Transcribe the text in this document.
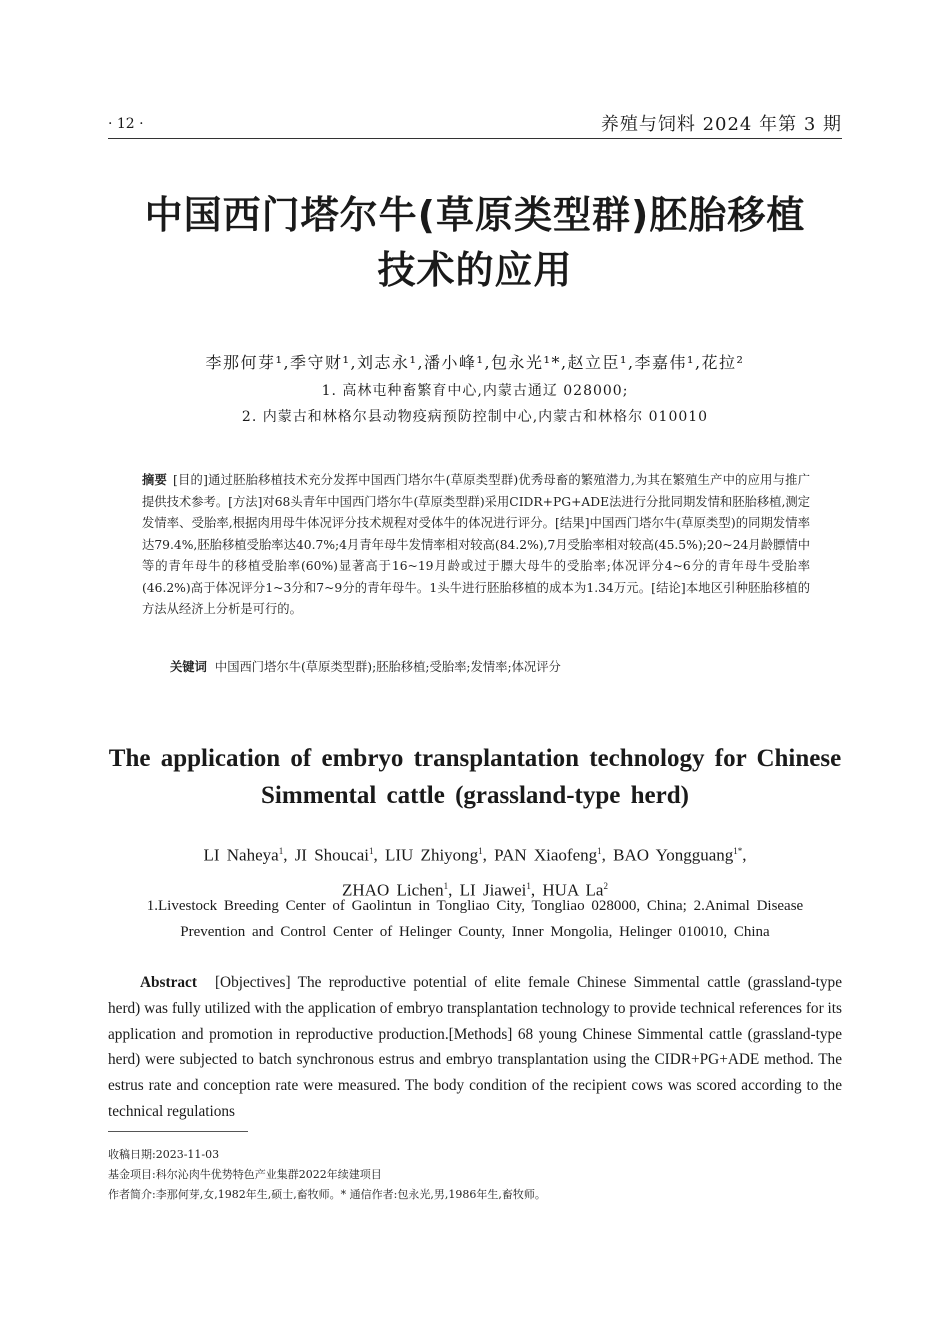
· 12 ·	养殖与饲料 2024 年第 3 期
中国西门塔尔牛(草原类型群)胚胎移植
技术的应用
李那何芽¹,季守财¹,刘志永¹,潘小峰¹,包永光¹*,赵立臣¹,李嘉伟¹,花拉²
1. 高林屯种畜繁育中心,内蒙古通辽 028000;
2. 内蒙古和林格尔县动物疫病预防控制中心,内蒙古和林格尔 010010
摘要 [目的]通过胚胎移植技术充分发挥中国西门塔尔牛(草原类型群)优秀母畜的繁殖潜力,为其在繁殖生产中的应用与推广提供技术参考。[方法]对68头青年中国西门塔尔牛(草原类型群)采用CIDR+PG+ADE法进行分批同期发情和胚胎移植,测定发情率、受胎率,根据肉用母牛体况评分技术规程对受体牛的体况进行评分。[结果]中国西门塔尔牛(草原类型)的同期发情率达79.4%,胚胎移植受胎率达40.7%;4月青年母牛发情率相对较高(84.2%),7月受胎率相对较高(45.5%);20~24月龄膘情中等的青年母牛的移植受胎率(60%)显著高于16~19月龄或过于膘大母牛的受胎率;体况评分4~6分的青年母牛受胎率(46.2%)高于体况评分1~3分和7~9分的青年母牛。1头牛进行胚胎移植的成本为1.34万元。[结论]本地区引种胚胎移植的方法从经济上分析是可行的。
关键词 中国西门塔尔牛(草原类型群);胚胎移植;受胎率;发情率;体况评分
The application of embryo transplantation technology for Chinese
Simmental cattle (grassland-type herd)
LI Naheya$^1$, JI Shoucai$^1$, LIU Zhiyong$^1$, PAN Xiaofeng$^1$, BAO Yongguang$^{1*}$,
ZHAO Lichen$^1$, LI Jiawei$^1$, HUA La$^2$
1.Livestock Breeding Center of Gaolintun in Tongliao City, Tongliao 028000, China; 2.Animal Disease
Prevention and Control Center of Helinger County, Inner Mongolia, Helinger 010010, China
Abstract [Objectives] The reproductive potential of elite female Chinese Simmental cattle (grassland-type herd) was fully utilized with the application of embryo transplantation technology to provide technical references for its application and promotion in reproductive production.[Methods] 68 young Chinese Simmental cattle (grassland-type herd) were subjected to batch synchronous estrus and embryo transplantation using the CIDR+PG+ADE method. The estrus rate and conception rate were measured. The body condition of the recipient cows was scored according to the technical regulations
收稿日期:2023-11-03
基金项目:科尔沁肉牛优势特色产业集群2022年续建项目
作者简介:李那何芽,女,1982年生,硕士,畜牧师。* 通信作者:包永光,男,1986年生,畜牧师。
